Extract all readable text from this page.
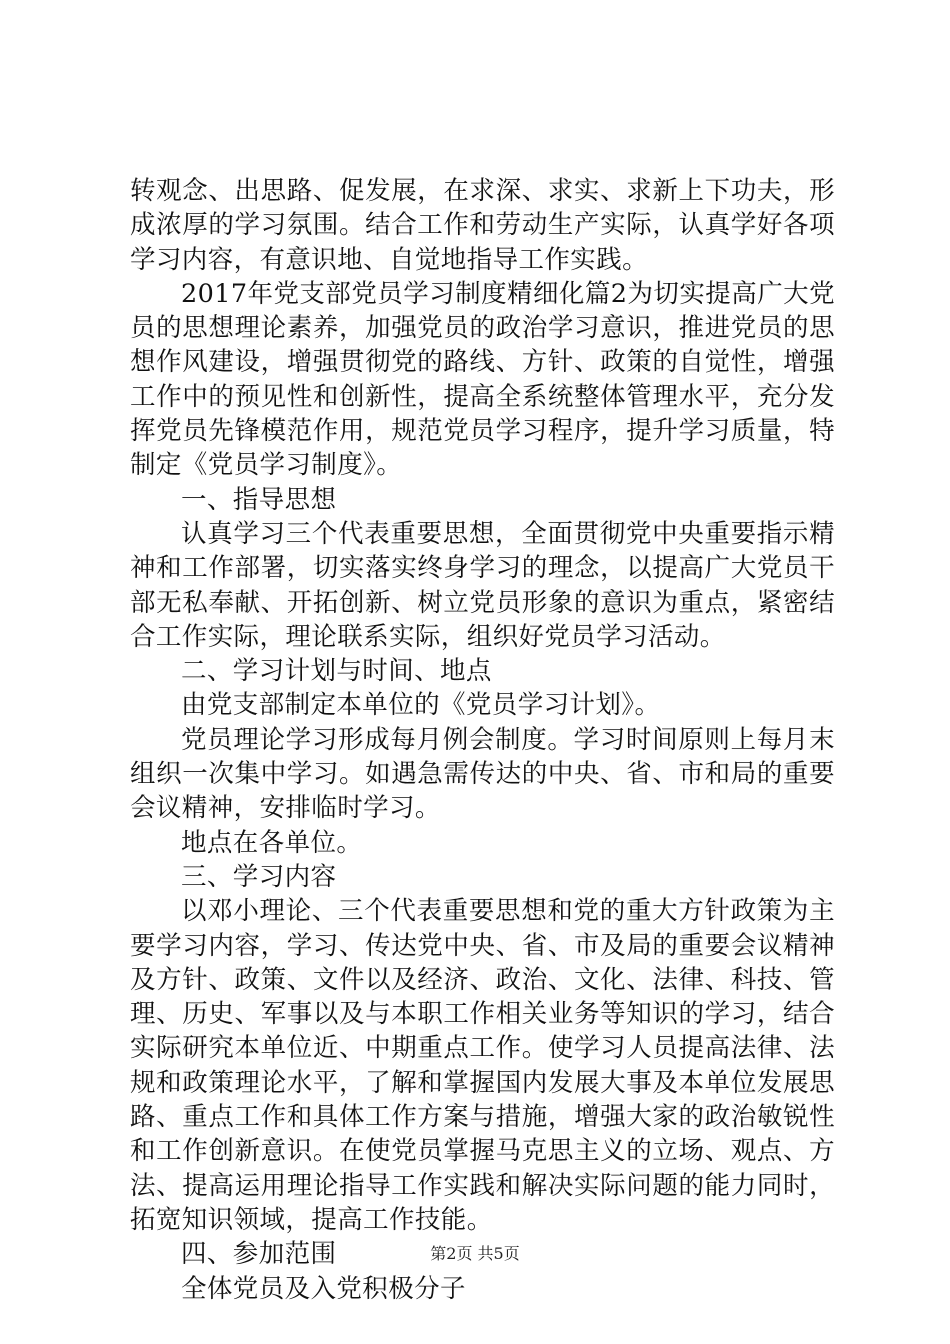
转观念、出思路、促发展，在求深、求实、求新上下功夫，形成浓厚的学习氛围。结合工作和劳动生产实际，认真学好各项学习内容，有意识地、自觉地指导工作实践。

2017年党支部党员学习制度精细化篇2为切实提高广大党员的思想理论素养，加强党员的政治学习意识，推进党员的思想作风建设，增强贯彻党的路线、方针、政策的自觉性，增强工作中的预见性和创新性，提高全系统整体管理水平，充分发挥党员先锋模范作用，规范党员学习程序，提升学习质量，特制定《党员学习制度》。

一、指导思想

认真学习三个代表重要思想，全面贯彻党中央重要指示精神和工作部署，切实落实终身学习的理念，以提高广大党员干部无私奉献、开拓创新、树立党员形象的意识为重点，紧密结合工作实际，理论联系实际，组织好党员学习活动。

二、学习计划与时间、地点

由党支部制定本单位的《党员学习计划》。

党员理论学习形成每月例会制度。学习时间原则上每月末组织一次集中学习。如遇急需传达的中央、省、市和局的重要会议精神，安排临时学习。

地点在各单位。

三、学习内容

以邓小理论、三个代表重要思想和党的重大方针政策为主要学习内容，学习、传达党中央、省、市及局的重要会议精神及方针、政策、文件以及经济、政治、文化、法律、科技、管理、历史、军事以及与本职工作相关业务等知识的学习，结合实际研究本单位近、中期重点工作。使学习人员提高法律、法规和政策理论水平，了解和掌握国内发展大事及本单位发展思路、重点工作和具体工作方案与措施，增强大家的政治敏锐性和工作创新意识。在使党员掌握马克思主义的立场、观点、方法、提高运用理论指导工作实践和解决实际问题的能力同时，拓宽知识领域，提高工作技能。

四、参加范围

全体党员及入党积极分子

第2页 共5页
